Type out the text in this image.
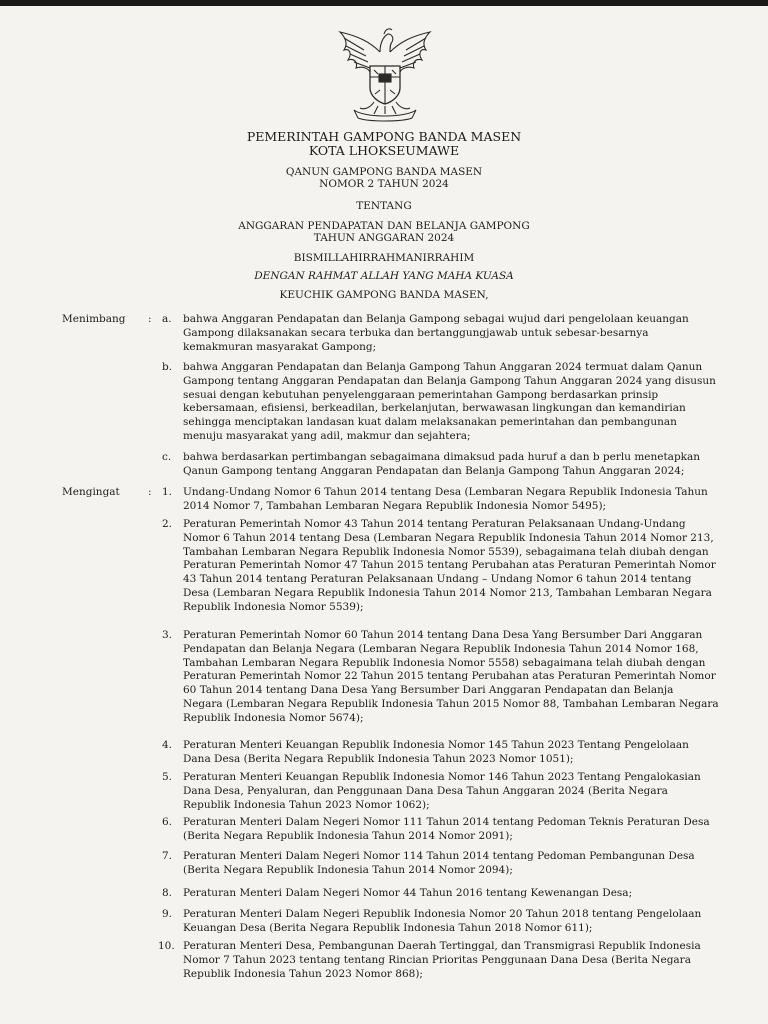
PEMERINTAH GAMPONG BANDA MASEN
KOTA LHOKSEUMAWE
QANUN GAMPONG BANDA MASEN
NOMOR 2 TAHUN 2024
TENTANG
ANGGARAN PENDAPATAN DAN BELANJA GAMPONG
TAHUN ANGGARAN 2024
BISMILLAHIRRAHMANIRRAHIM
DENGAN RAHMAT ALLAH YANG MAHA KUASA
KEUCHIK GAMPONG BANDA MASEN,
Menimbang	: a.	bahwa Anggaran Pendapatan dan Belanja Gampong sebagai wujud dari pengelolaan keuangan
Gampong dilaksanakan secara terbuka dan bertanggungjawab untuk sebesar-besarnya
kemakmuran masyarakat Gampong;
b.	bahwa Anggaran Pendapatan dan Belanja Gampong Tahun Anggaran 2024 termuat dalam Qanun
Gampong tentang Anggaran Pendapatan dan Belanja Gampong Tahun Anggaran 2024 yang disusun
sesuai dengan kebutuhan penyelenggaraan pemerintahan Gampong berdasarkan prinsip
kebersamaan, efisiensi, berkeadilan, berkelanjutan, berwawasan lingkungan dan kemandirian
sehingga menciptakan landasan kuat dalam melaksanakan pemerintahan dan pembangunan
menuju masyarakat yang adil, makmur dan sejahtera;
c.	bahwa berdasarkan pertimbangan sebagaimana dimaksud pada huruf a dan b perlu menetapkan
Qanun Gampong tentang Anggaran Pendapatan dan Belanja Gampong Tahun Anggaran 2024;
Mengingat	: 1.	Undang-Undang Nomor 6 Tahun 2014 tentang Desa (Lembaran Negara Republik Indonesia Tahun
2014 Nomor 7, Tambahan Lembaran Negara Republik Indonesia Nomor 5495);
2.	Peraturan Pemerintah Nomor 43 Tahun 2014 tentang Peraturan Pelaksanaan Undang-Undang
Nomor 6 Tahun 2014 tentang Desa (Lembaran Negara Republik Indonesia Tahun 2014 Nomor 213,
Tambahan Lembaran Negara Republik Indonesia Nomor 5539), sebagaimana telah diubah dengan
Peraturan Pemerintah Nomor 47 Tahun 2015 tentang Perubahan atas Peraturan Pemerintah Nomor
43 Tahun 2014 tentang Peraturan Pelaksanaan Undang – Undang Nomor 6 tahun 2014 tentang
Desa (Lembaran Negara Republik Indonesia Tahun 2014 Nomor 213, Tambahan Lembaran Negara
Republik Indonesia Nomor 5539);
3.	Peraturan Pemerintah Nomor 60 Tahun 2014 tentang Dana Desa Yang Bersumber Dari Anggaran
Pendapatan dan Belanja Negara (Lembaran Negara Republik Indonesia Tahun 2014 Nomor 168,
Tambahan Lembaran Negara Republik Indonesia Nomor 5558) sebagaimana telah diubah dengan
Peraturan Pemerintah Nomor 22 Tahun 2015 tentang Perubahan atas Peraturan Pemerintah Nomor
60 Tahun 2014 tentang Dana Desa Yang Bersumber Dari Anggaran Pendapatan dan Belanja
Negara (Lembaran Negara Republik Indonesia Tahun 2015 Nomor 88, Tambahan Lembaran Negara
Republik Indonesia Nomor 5674);
4.	Peraturan Menteri Keuangan Republik Indonesia Nomor 145 Tahun 2023 Tentang Pengelolaan
Dana Desa (Berita Negara Republik Indonesia Tahun 2023 Nomor 1051);
5.	Peraturan Menteri Keuangan Republik Indonesia Nomor 146 Tahun 2023 Tentang Pengalokasian
Dana Desa, Penyaluran, dan Penggunaan Dana Desa Tahun Anggaran 2024 (Berita Negara
Republik Indonesia Tahun 2023 Nomor 1062);
6.	Peraturan Menteri Dalam Negeri Nomor 111 Tahun 2014 tentang Pedoman Teknis Peraturan Desa
(Berita Negara Republik Indonesia Tahun 2014 Nomor 2091);
7.	Peraturan Menteri Dalam Negeri Nomor 114 Tahun 2014 tentang Pedoman Pembangunan Desa
(Berita Negara Republik Indonesia Tahun 2014 Nomor 2094);
8.	Peraturan Menteri Dalam Negeri Nomor 44 Tahun 2016 tentang Kewenangan Desa;
9.	Peraturan Menteri Dalam Negeri Republik Indonesia Nomor 20 Tahun 2018 tentang Pengelolaan
Keuangan Desa (Berita Negara Republik Indonesia Tahun 2018 Nomor 611);
10. Peraturan Menteri Desa, Pembangunan Daerah Tertinggal, dan Transmigrasi Republik Indonesia
Nomor 7 Tahun 2023 tentang tentang Rincian Prioritas Penggunaan Dana Desa (Berita Negara
Republik Indonesia Tahun 2023 Nomor 868);
